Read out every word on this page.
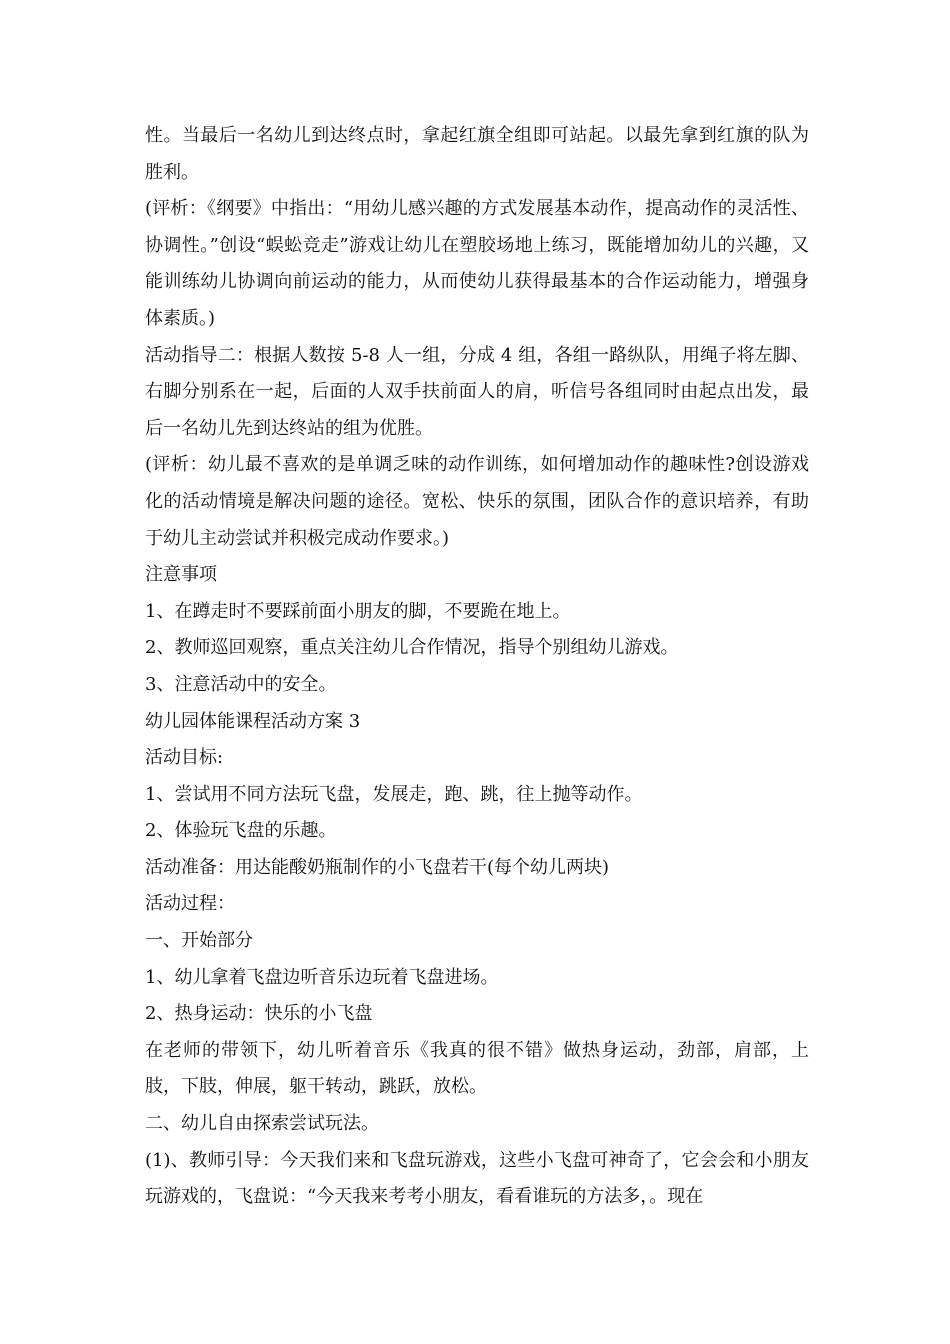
性。当最后一名幼儿到达终点时，拿起红旗全组即可站起。以最先拿到红旗的队为胜利。

(评析：《纲要》中指出：“用幼儿感兴趣的方式发展基本动作，提高动作的灵活性、协调性。”创设“蜈蚣竞走”游戏让幼儿在塑胶场地上练习，既能增加幼儿的兴趣，又能训练幼儿协调向前运动的能力，从而使幼儿获得最基本的合作运动能力，增强身体素质。)

活动指导二：根据人数按 5-8 人一组，分成 4 组，各组一路纵队，用绳子将左脚、右脚分别系在一起，后面的人双手扶前面人的肩，听信号各组同时由起点出发，最后一名幼儿先到达终站的组为优胜。

(评析：幼儿最不喜欢的是单调乏味的动作训练，如何增加动作的趣味性?创设游戏化的活动情境是解决问题的途径。宽松、快乐的氛围，团队合作的意识培养，有助于幼儿主动尝试并积极完成动作要求。)

注意事项

1、在蹲走时不要踩前面小朋友的脚，不要跪在地上。

2、教师巡回观察，重点关注幼儿合作情况，指导个别组幼儿游戏。

3、注意活动中的安全。

幼儿园体能课程活动方案 3

活动目标:

1、尝试用不同方法玩飞盘，发展走，跑、跳，往上抛等动作。

2、体验玩飞盘的乐趣。

活动准备：用达能酸奶瓶制作的小飞盘若干(每个幼儿两块)

活动过程：

一、开始部分

1、幼儿拿着飞盘边听音乐边玩着飞盘进场。

2、热身运动：快乐的小飞盘

在老师的带领下，幼儿听着音乐《我真的很不错》做热身运动，劲部，肩部，上肢，下肢，伸展，躯干转动，跳跃，放松。

二、幼儿自由探索尝试玩法。

(1)、教师引导：今天我们来和飞盘玩游戏，这些小飞盘可神奇了，它会会和小朋友玩游戏的，飞盘说：“今天我来考考小朋友，看看谁玩的方法多，。现在
